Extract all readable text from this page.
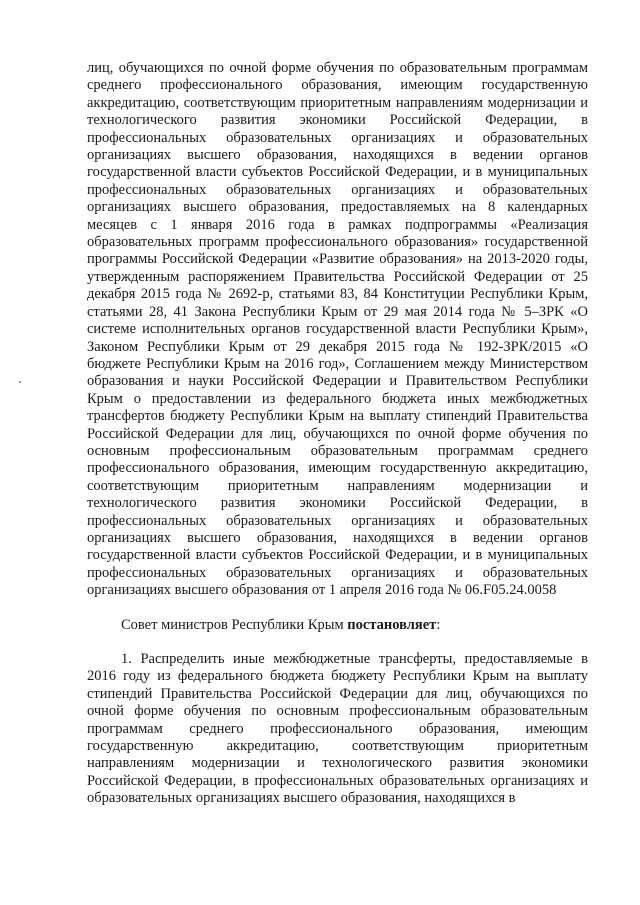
лиц, обучающихся по очной форме обучения по образовательным программам среднего профессионального образования, имеющим государственную аккредитацию, соответствующим приоритетным направлениям модернизации и технологического развития экономики Российской Федерации, в профессиональных образовательных организациях и образовательных организациях высшего образования, находящихся в ведении органов государственной власти субъектов Российской Федерации, и в муниципальных профессиональных образовательных организациях и образовательных организациях высшего образования, предоставляемых на 8 календарных месяцев с 1 января 2016 года в рамках подпрограммы «Реализация образовательных программ профессионального образования» государственной программы Российской Федерации «Развитие образования» на 2013-2020 годы, утвержденным распоряжением Правительства Российской Федерации от 25 декабря 2015 года № 2692-р, статьями 83, 84 Конституции Республики Крым, статьями 28, 41 Закона Республики Крым от 29 мая 2014 года № 5–ЗРК «О системе исполнительных органов государственной власти Республики Крым», Законом Республики Крым от 29 декабря 2015 года № 192-ЗРК/2015 «О бюджете Республики Крым на 2016 год», Соглашением между Министерством образования и науки Российской Федерации и Правительством Республики Крым о предоставлении из федерального бюджета иных межбюджетных трансфертов бюджету Республики Крым на выплату стипендий Правительства Российской Федерации для лиц, обучающихся по очной форме обучения по основным профессиональным образовательным программам среднего профессионального образования, имеющим государственную аккредитацию, соответствующим приоритетным направлениям модернизации и технологического развития экономики Российской Федерации, в профессиональных образовательных организациях и образовательных организациях высшего образования, находящихся в ведении органов государственной власти субъектов Российской Федерации, и в муниципальных профессиональных образовательных организациях и образовательных организациях высшего образования от 1 апреля 2016 года № 06.F05.24.0058

Совет министров Республики Крым постановляет:

1. Распределить иные межбюджетные трансферты, предоставляемые в 2016 году из федерального бюджета бюджету Республики Крым на выплату стипендий Правительства Российской Федерации для лиц, обучающихся по очной форме обучения по основным профессиональным образовательным программам среднего профессионального образования, имеющим государственную аккредитацию, соответствующим приоритетным направлениям модернизации и технологического развития экономики Российской Федерации, в профессиональных образовательных организациях и образовательных организациях высшего образования, находящихся в
